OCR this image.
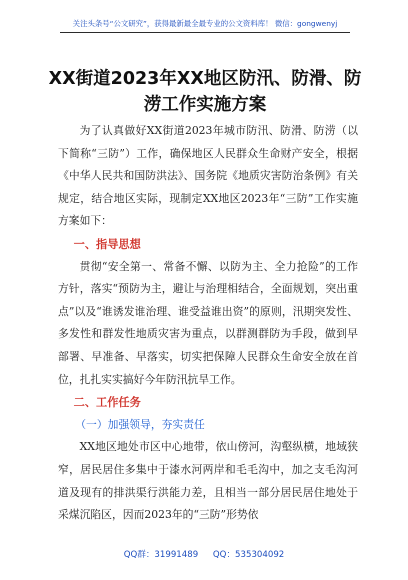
关注头条号“公文研究”，获得最新最全最专业的公文资料库！ 微信：gongwenyj
XX街道2023年XX地区防汛、防滑、防涝工作实施方案

为了认真做好XX街道2023年城市防汛、防滑、防涝（以下简称“三防”）工作，确保地区人民群众生命财产安全，根据《中华人民共和国防洪法》、国务院《地质灾害防治条例》有关规定，结合地区实际，现制定XX地区2023年“三防”工作实施方案如下：

一、指导思想

贯彻“安全第一、常备不懈、以防为主、全力抢险”的工作方针，落实“预防为主，避让与治理相结合，全面规划，突出重点”以及“谁诱发谁治理、谁受益谁出资”的原则，汛期突发性、多发性和群发性地质灾害为重点，以群测群防为手段，做到早部署、早准备、早落实，切实把保障人民群众生命安全放在首位，扎扎实实搞好今年防汛抗旱工作。

二、工作任务

（一）加强领导，夯实责任

XX地区地处市区中心地带，依山傍河，沟壑纵横，地域狭窄，居民居住多集中于漆水河两岸和毛毛沟中，加之支毛沟河道及现有的排洪渠行洪能力差，且相当一部分居民居住地处于采煤沉陷区，因而2023年的“三防”形势依

QQ群：31991489 QQ：535304092
